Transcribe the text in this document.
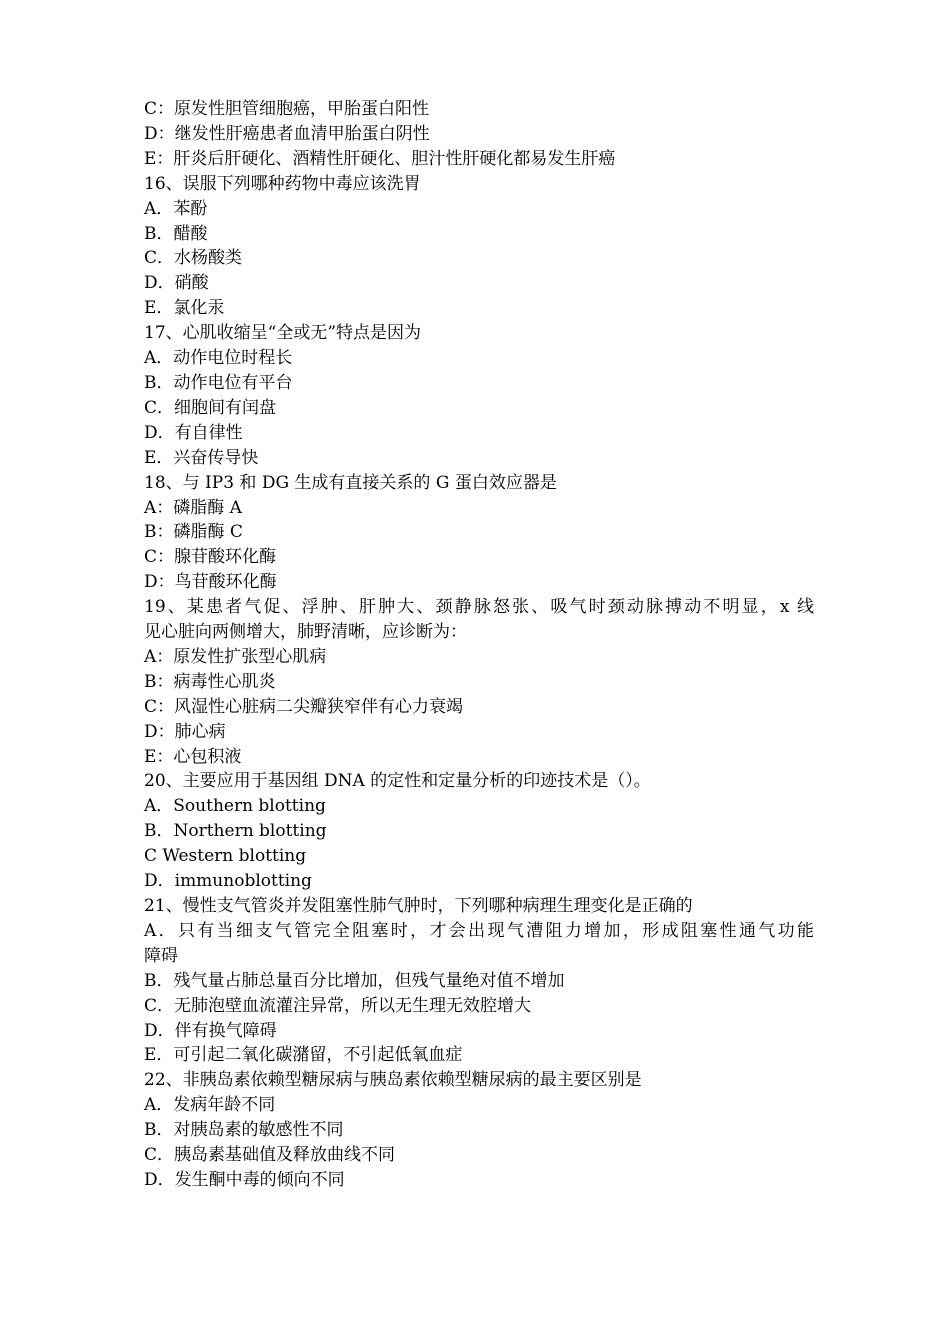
C：原发性胆管细胞癌，甲胎蛋白阳性

D：继发性肝癌患者血清甲胎蛋白阴性

E：肝炎后肝硬化、酒精性肝硬化、胆汁性肝硬化都易发生肝癌

16、误服下列哪种药物中毒应该洗胃

A．苯酚

B．醋酸

C．水杨酸类

D．硝酸

E．氯化汞

17、心肌收缩呈“全或无”特点是因为

A．动作电位时程长

B．动作电位有平台

C．细胞间有闰盘

D．有自律性

E．兴奋传导快

18、与 IP3 和 DG 生成有直接关系的 G 蛋白效应器是

A：磷脂酶 A

B：磷脂酶 C

C：腺苷酸环化酶

D：鸟苷酸环化酶

19、某患者气促、浮肿、肝肿大、颈静脉怒张、吸气时颈动脉搏动不明显，x 线

见心脏向两侧增大，肺野清晰，应诊断为：

A：原发性扩张型心肌病

B：病毒性心肌炎

C：风湿性心脏病二尖瓣狭窄伴有心力衰竭

D：肺心病

E：心包积液

20、主要应用于基因组 DNA 的定性和定量分析的印迹技术是（）。

A．Southern blotting

B．Northern blotting

C Western blotting

D．immunoblotting

21、慢性支气管炎并发阻塞性肺气肿时，下列哪种病理生理变化是正确的

A．只有当细支气管完全阻塞时，才会出现气漕阻力增加，形成阻塞性通气功能

障碍

B．残气量占肺总量百分比增加，但残气量绝对值不增加

C．无肺泡壁血流灌注异常，所以无生理无效腔增大

D．伴有换气障碍

E．可引起二氧化碳潴留，不引起低氧血症

22、非胰岛素依赖型糖尿病与胰岛素依赖型糖尿病的最主要区别是

A．发病年龄不同

B．对胰岛素的敏感性不同

C．胰岛素基础值及释放曲线不同

D．发生酮中毒的倾向不同
